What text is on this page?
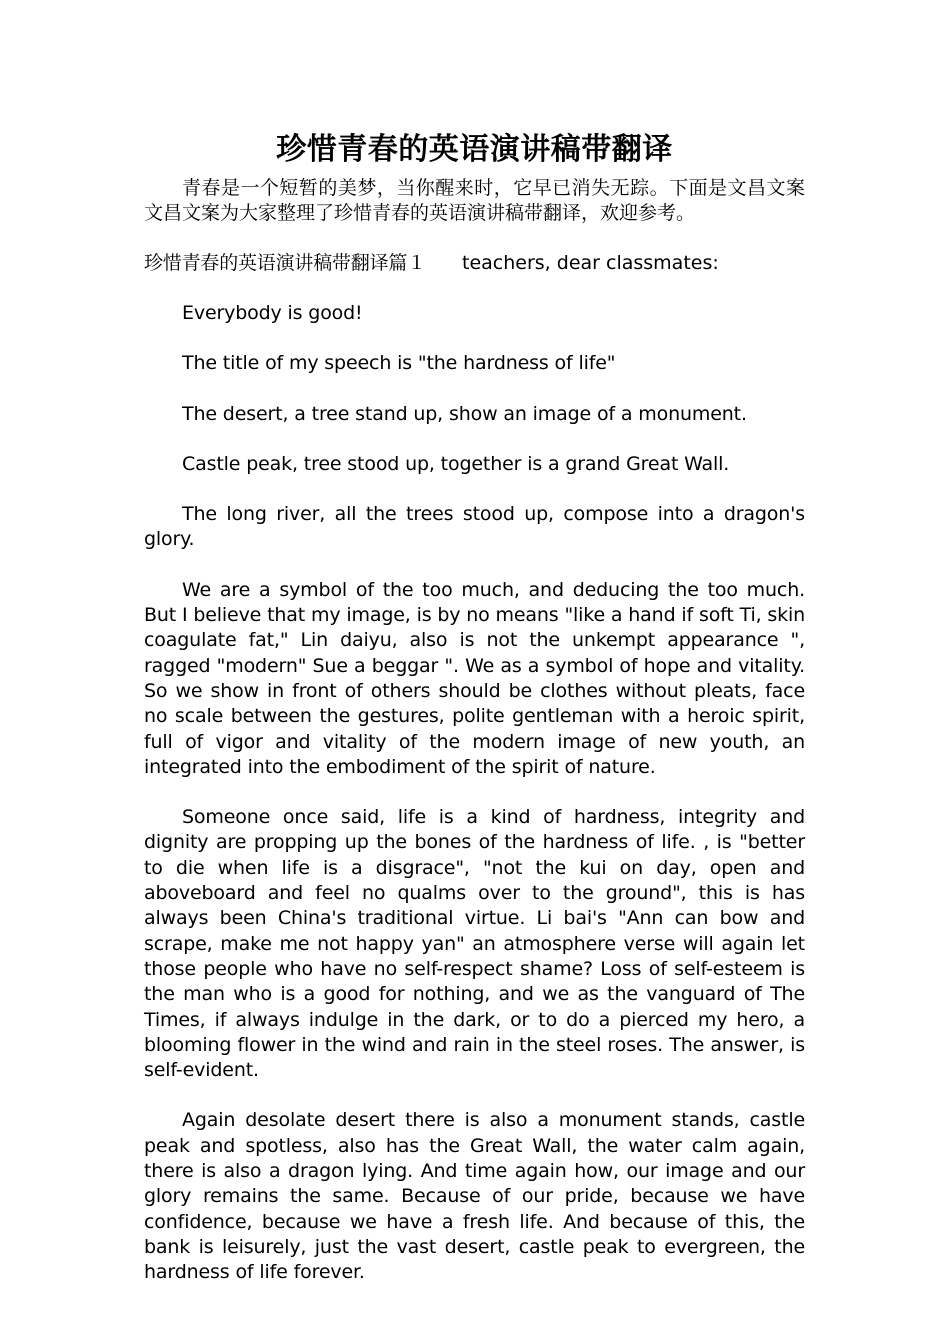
珍惜青春的英语演讲稿带翻译

青春是一个短暂的美梦，当你醒来时，它早已消失无踪。下面是文昌文案文昌文案为大家整理了珍惜青春的英语演讲稿带翻译，欢迎参考。

珍惜青春的英语演讲稿带翻译篇１ teachers, dear classmates:

Everybody is good!

The title of my speech is "the hardness of life"

The desert, a tree stand up, show an image of a monument.

Castle peak, tree stood up, together is a grand Great Wall.

The long river, all the trees stood up, compose into a dragon's glory.

We are a symbol of the too much, and deducing the too much. But I believe that my image, is by no means "like a hand if soft Ti, skin coagulate fat," Lin daiyu, also is not the unkempt appearance ", ragged "modern" Sue a beggar ". We as a symbol of hope and vitality. So we show in front of others should be clothes without pleats, face no scale between the gestures, polite gentleman with a heroic spirit, full of vigor and vitality of the modern image of new youth, an integrated into the embodiment of the spirit of nature.

Someone once said, life is a kind of hardness, integrity and dignity are propping up the bones of the hardness of life. , is "better to die when life is a disgrace", "not the kui on day, open and aboveboard and feel no qualms over to the ground", this is has always been China's traditional virtue. Li bai's "Ann can bow and scrape, make me not happy yan" an atmosphere verse will again let those people who have no self-respect shame? Loss of self-esteem is the man who is a good for nothing, and we as the vanguard of The Times, if always indulge in the dark, or to do a pierced my hero, a blooming flower in the wind and rain in the steel roses. The answer, is self-evident.

Again desolate desert there is also a monument stands, castle peak and spotless, also has the Great Wall, the water calm again, there is also a dragon lying. And time again how, our image and our glory remains the same. Because of our pride, because we have confidence, because we have a fresh life. And because of this, the bank is leisurely, just the vast desert, castle peak to evergreen, the hardness of life forever.
